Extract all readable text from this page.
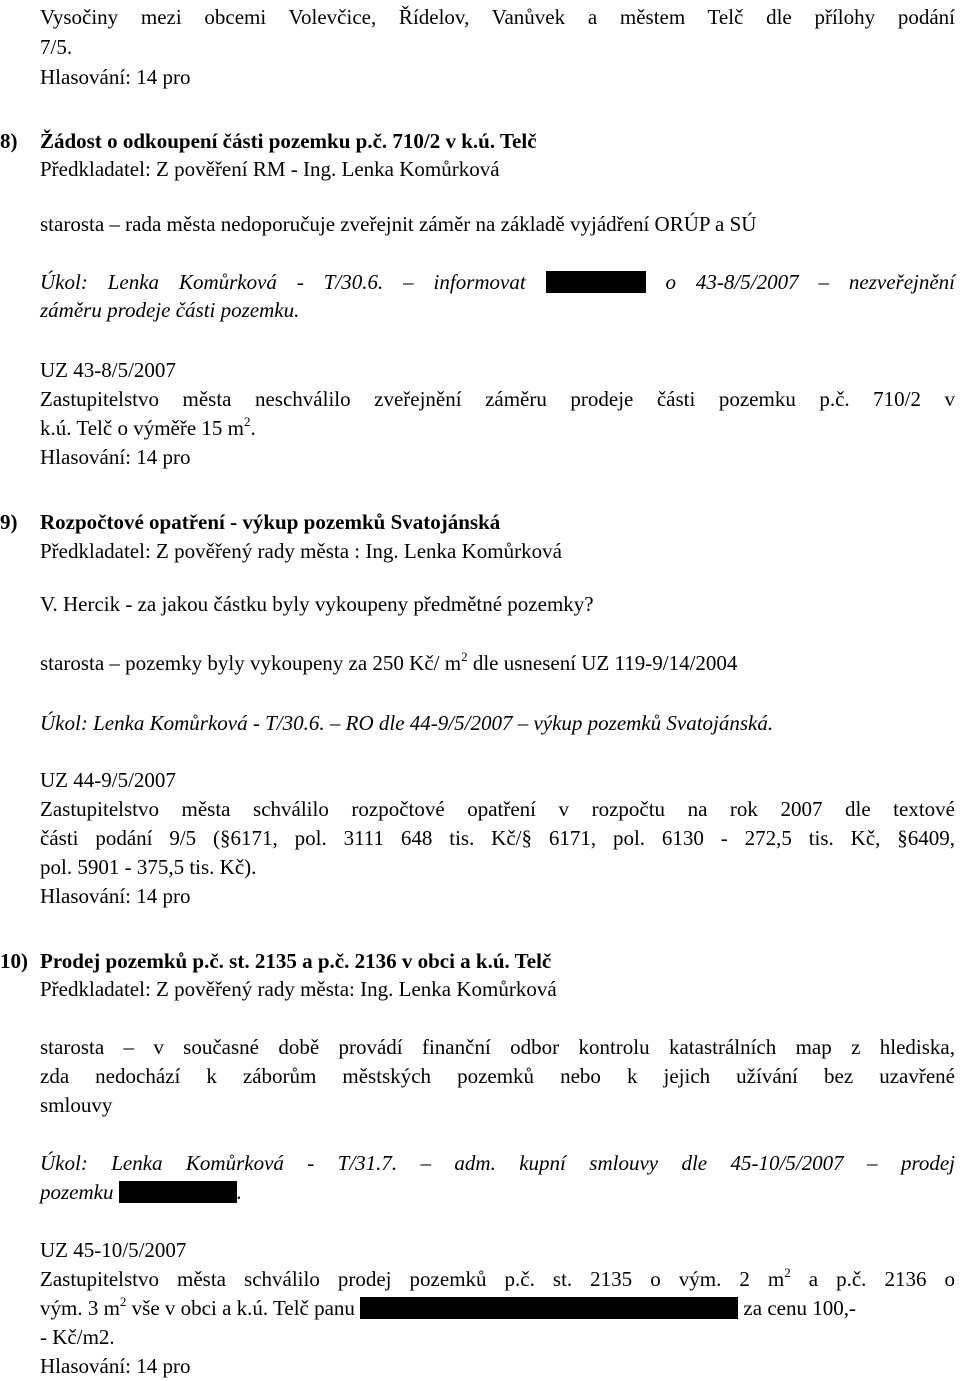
Vysočiny mezi obcemi Volevčice, Řídelov, Vanůvek a městem Telč dle přílohy podání
7/5.
Hlasování: 14 pro
8) Žádost o odkoupení části pozemku p.č. 710/2 v k.ú. Telč
Předkladatel: Z pověření RM - Ing. Lenka Komůrková
starosta – rada města nedoporučuje zveřejnit záměr na základě vyjádření ORÚP a SÚ
Úkol: Lenka Komůrková - T/30.6. – informovat	o 43-8/5/2007 – nezveřejnění
záměru prodeje části pozemku.
UZ 43-8/5/2007
Zastupitelstvo města neschválilo zveřejnění záměru prodeje části pozemku p.č. 710/2 v
k.ú. Telč o výměře 15 $m^2$.
Hlasování: 14 pro
9) Rozpočtové opatření - výkup pozemků Svatojánská
Předkladatel: Z pověřený rady města : Ing. Lenka Komůrková
V. Hercik - za jakou částku byly vykoupeny předmětné pozemky?
starosta – pozemky byly vykoupeny za 250 Kč/ $m^2$ dle usnesení UZ 119-9/14/2004
Úkol: Lenka Komůrková - T/30.6. – RO dle 44-9/5/2007 – výkup pozemků Svatojánská.
UZ 44-9/5/2007
Zastupitelstvo města schválilo rozpočtové opatření v rozpočtu na rok 2007 dle textové
části podání 9/5 (§6171, pol. 3111 648 tis. Kč/§ 6171, pol. 6130 - 272,5 tis. Kč, §6409,
pol. 5901 - 375,5 tis. Kč).
Hlasování: 14 pro
10) Prodej pozemků p.č. st. 2135 a p.č. 2136 v obci a k.ú. Telč
Předkladatel: Z pověřený rady města: Ing. Lenka Komůrková
starosta – v současné době provádí finanční odbor kontrolu katastrálních map z hlediska,
zda nedochází k záborům městských pozemků nebo k jejich užívání bez uzavřené
smlouvy
Úkol: Lenka Komůrková - T/31.7. – adm. kupní smlouvy dle 45-10/5/2007 – prodej
pozemku	.
UZ 45-10/5/2007
Zastupitelstvo města schválilo prodej pozemků p.č. st. 2135 o vým. 2 $m^2$ a p.č. 2136 o
vým. 3 $m^2$ vše v obci a k.ú. Telč panu	za cenu 100,-
- Kč/m2.
Hlasování: 14 pro
